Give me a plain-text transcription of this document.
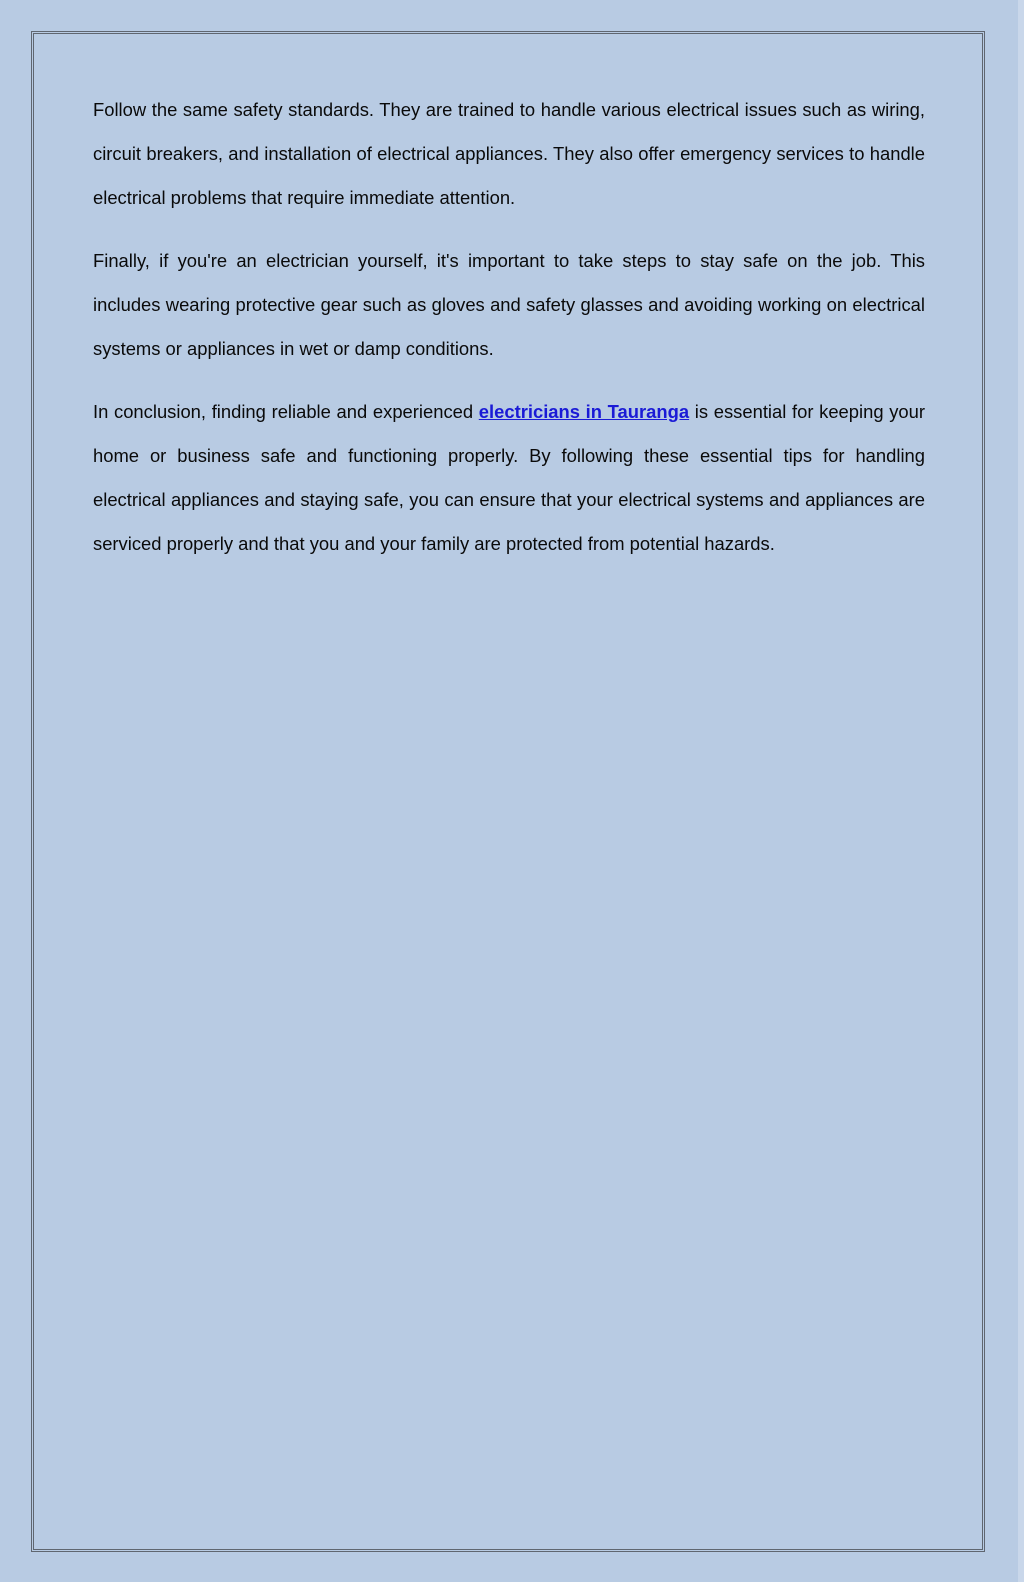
Follow the same safety standards. They are trained to handle various electrical issues such as wiring, circuit breakers, and installation of electrical appliances. They also offer emergency services to handle electrical problems that require immediate attention.

Finally, if you're an electrician yourself, it's important to take steps to stay safe on the job. This includes wearing protective gear such as gloves and safety glasses and avoiding working on electrical systems or appliances in wet or damp conditions.

In conclusion, finding reliable and experienced electricians in Tauranga is essential for keeping your home or business safe and functioning properly. By following these essential tips for handling electrical appliances and staying safe, you can ensure that your electrical systems and appliances are serviced properly and that you and your family are protected from potential hazards.
